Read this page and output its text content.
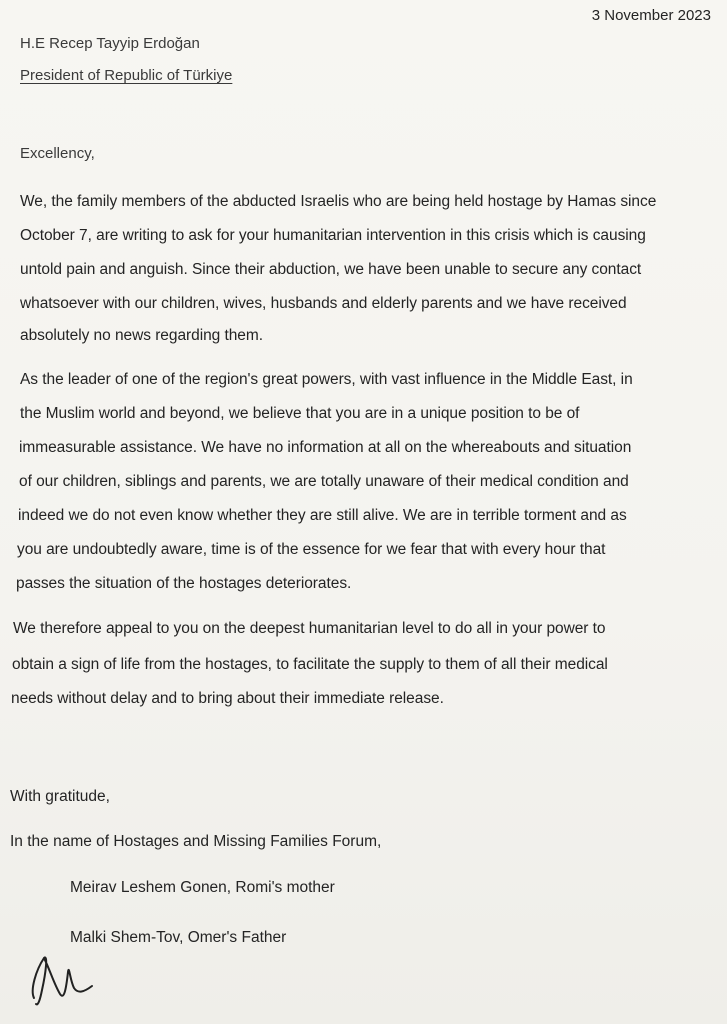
3 November 2023
H.E Recep Tayyip Erdoğan
President of Republic of Türkiye
Excellency,
We, the family members of the abducted Israelis who are being held hostage by Hamas since
October 7, are writing to ask for your humanitarian intervention in this crisis which is causing
untold pain and anguish. Since their abduction, we have been unable to secure any contact
whatsoever with our children, wives, husbands and elderly parents and we have received
absolutely no news regarding them.
As the leader of one of the region's great powers, with vast influence in the Middle East, in
the Muslim world and beyond, we believe that you are in a unique position to be of
immeasurable assistance. We have no information at all on the whereabouts and situation
of our children, siblings and parents, we are totally unaware of their medical condition and
indeed we do not even know whether they are still alive. We are in terrible torment and as
you are undoubtedly aware, time is of the essence for we fear that with every hour that
passes the situation of the hostages deteriorates.
We therefore appeal to you on the deepest humanitarian level to do all in your power to
obtain a sign of life from the hostages, to facilitate the supply to them of all their medical
needs without delay and to bring about their immediate release.
With gratitude,
In the name of Hostages and Missing Families Forum,
Meirav Leshem Gonen, Romi's mother
Malki Shem-Tov, Omer's Father
